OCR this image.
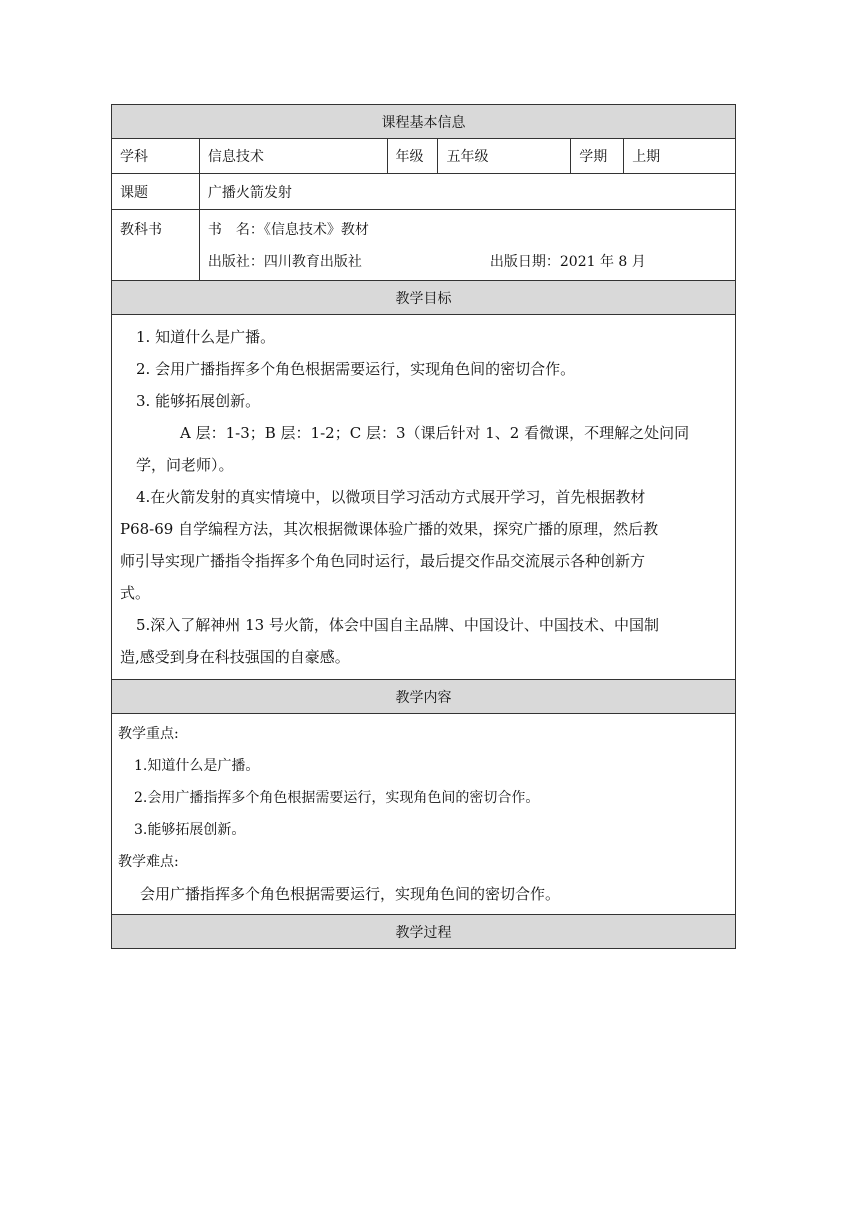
课程基本信息
学科	信息技术	年级	五年级	学期	上期
课题	广播火箭发射
教科书	书　名：《信息技术》教材
出版社：四川教育出版社	出版日期：2021 年 8 月
教学目标

1. 知道什么是广播。

2. 会用广播指挥多个角色根据需要运行，实现角色间的密切合作。

3. 能够拓展创新。

A 层：1-3；B 层：1-2；C 层：3（课后针对 1、2 看微课，不理解之处问同

学，问老师）。

4.在火箭发射的真实情境中，以微项目学习活动方式展开学习，首先根据教材

P68-69 自学编程方法，其次根据微课体验广播的效果，探究广播的原理，然后教

师引导实现广播指令指挥多个角色同时运行，最后提交作品交流展示各种创新方

式。

5.深入了解神州 13 号火箭，体会中国自主品牌、中国设计、中国技术、中国制

造,感受到身在科技强国的自豪感。

教学内容

教学重点:

1.知道什么是广播。

2.会用广播指挥多个角色根据需要运行，实现角色间的密切合作。

3.能够拓展创新。

教学难点:

会用广播指挥多个角色根据需要运行，实现角色间的密切合作。

教学过程
